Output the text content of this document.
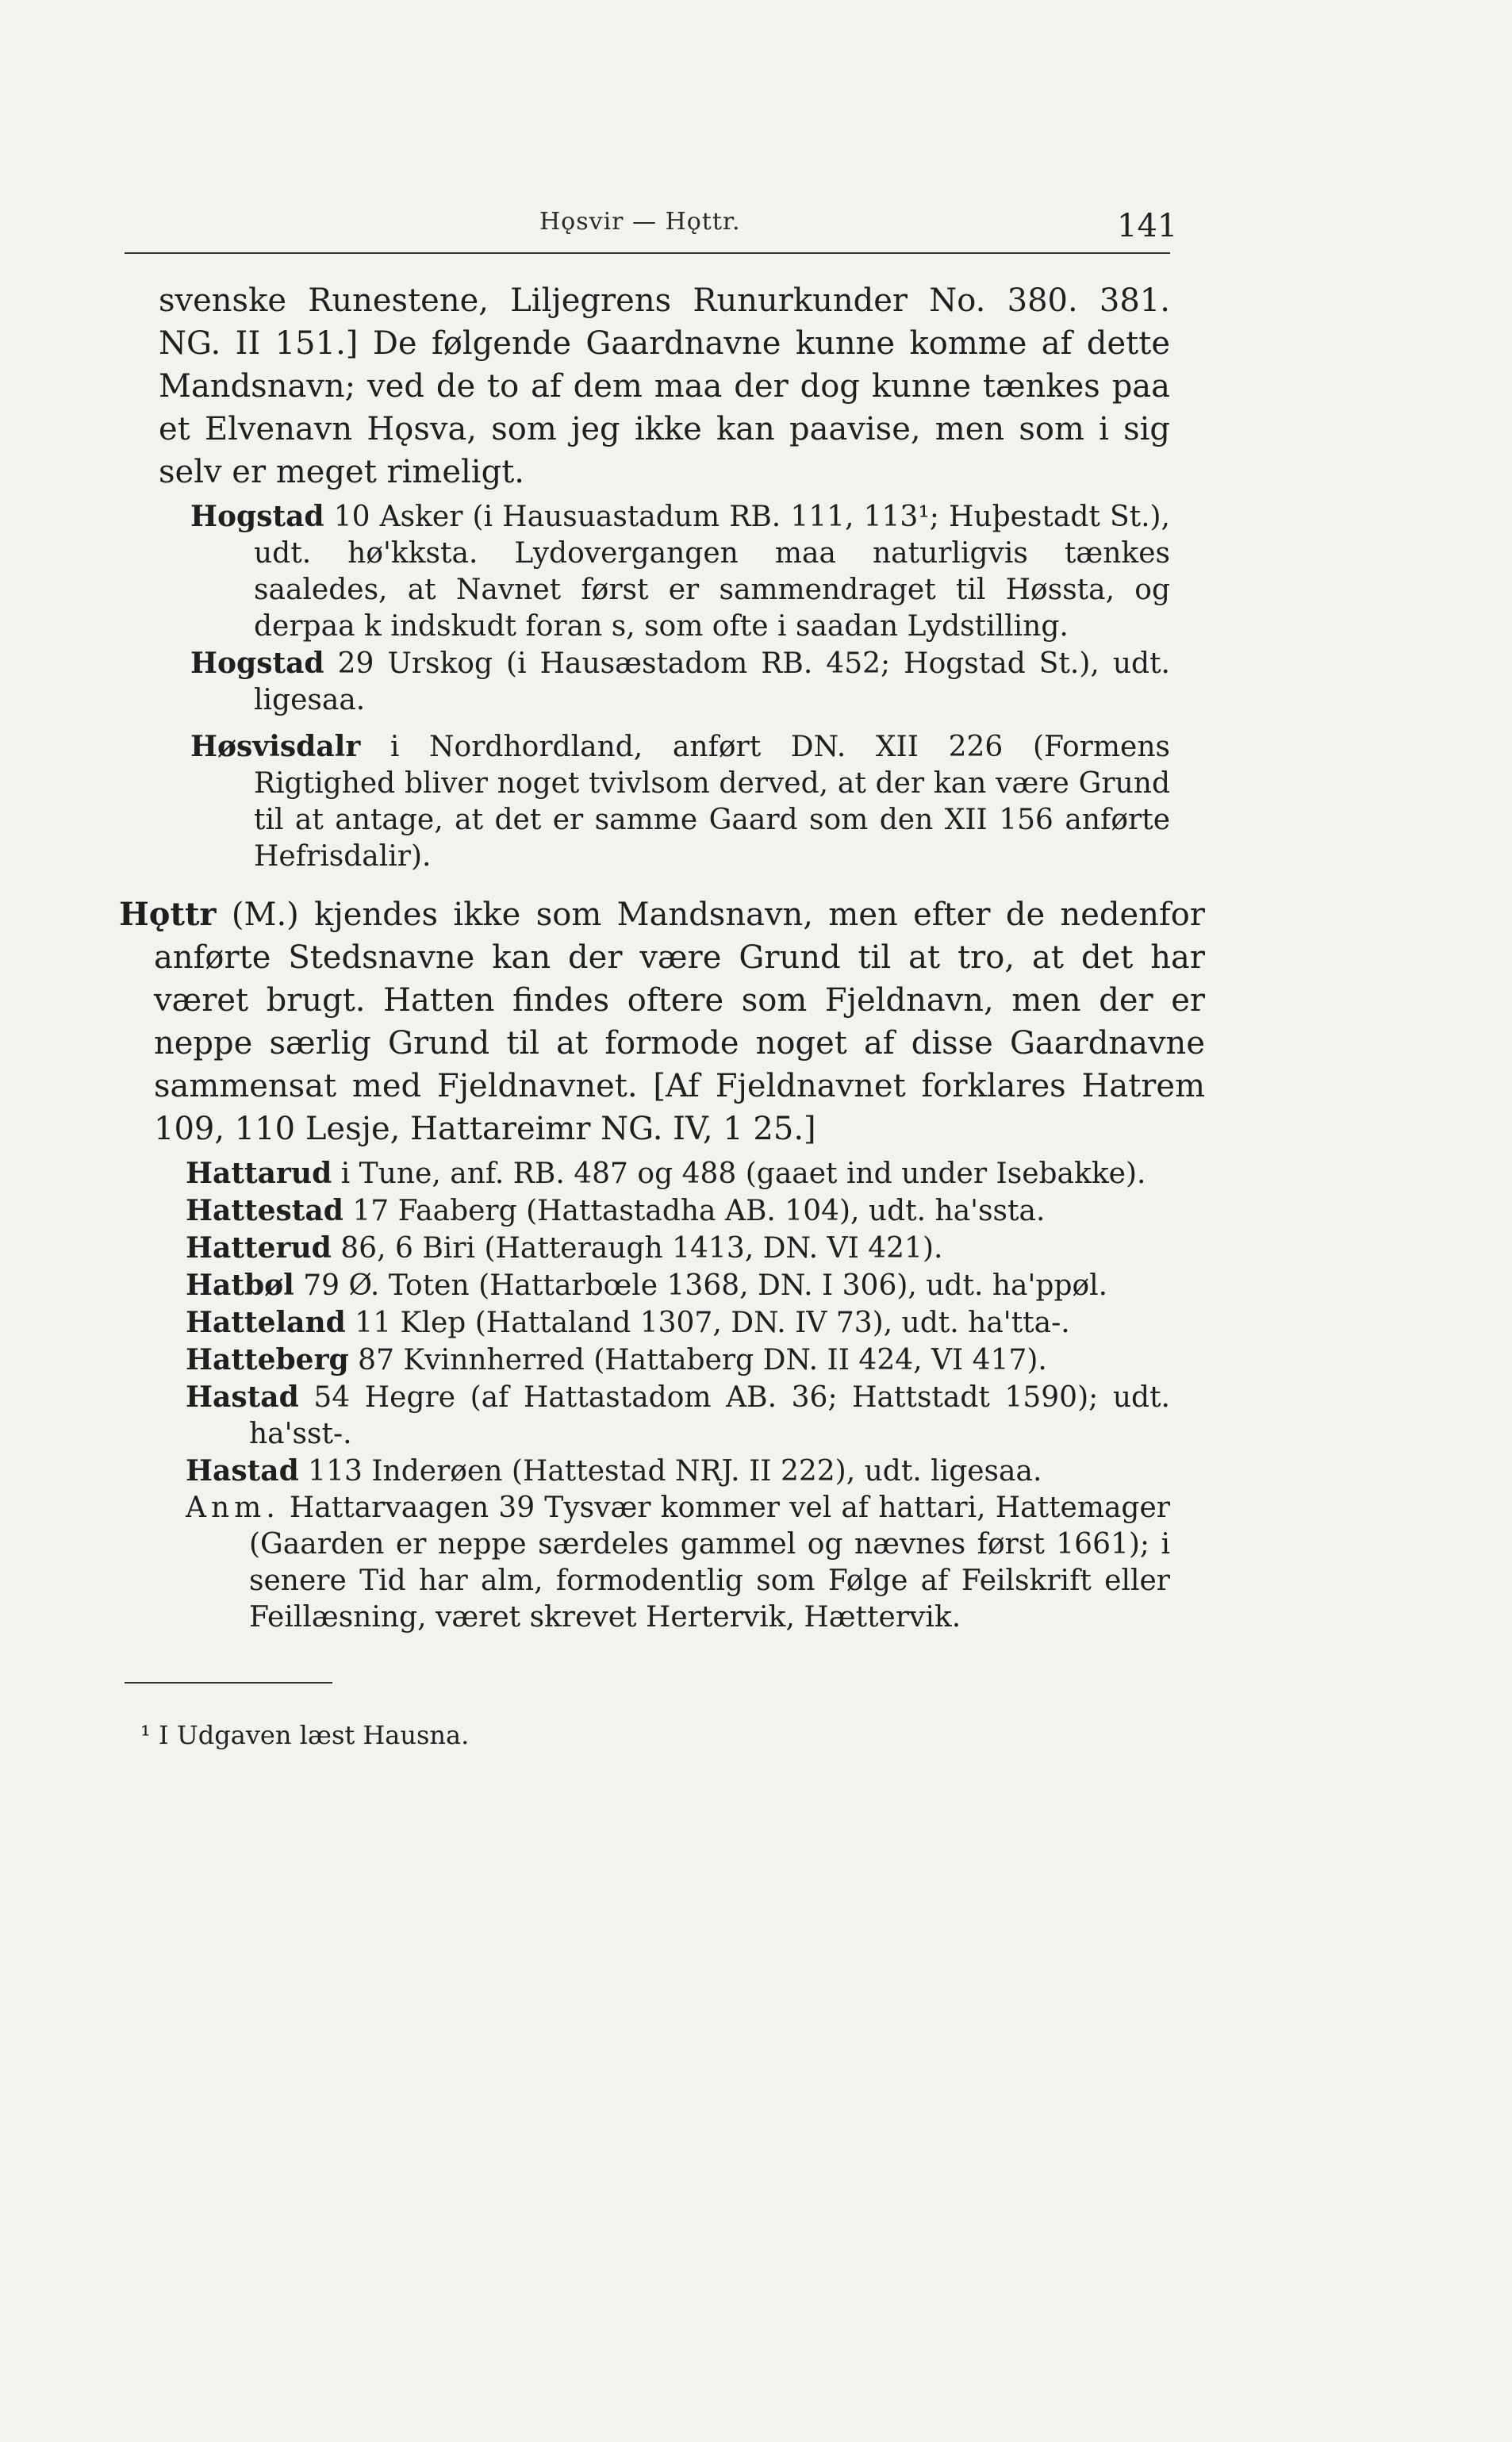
Hǫsvir — Hǫttr.	141

svenske Runestene, Liljegrens Runurkunder No. 380. 381. NG. II 151.] De følgende Gaardnavne kunne komme af dette Mandsnavn; ved de to af dem maa der dog kunne tænkes paa et Elvenavn Hǫsva, som jeg ikke kan paavise, men som i sig selv er meget rimeligt.

Hogstad 10 Asker (i Hausuastadum RB. 111, 113¹; Huþestadt St.), udt. hø'kksta. Lydovergangen maa naturligvis tænkes saaledes, at Navnet først er sammendraget til Høssta, og derpaa k indskudt foran s, som ofte i saadan Lydstilling.

Hogstad 29 Urskog (i Hausæstadom RB. 452; Hogstad St.), udt. ligesaa.

Høsvisdalr i Nordhordland, anført DN. XII 226 (Formens Rigtighed bliver noget tvivlsom derved, at der kan være Grund til at antage, at det er samme Gaard som den XII 156 anførte Hefrisdalir).

Hǫttr (M.) kjendes ikke som Mandsnavn, men efter de nedenfor anførte Stedsnavne kan der være Grund til at tro, at det har været brugt. Hatten findes oftere som Fjeldnavn, men der er neppe særlig Grund til at formode noget af disse Gaardnavne sammensat med Fjeldnavnet. [Af Fjeldnavnet forklares Hatrem 109, 110 Lesje, Hattareimr NG. IV, 1 25.]

Hattarud i Tune, anf. RB. 487 og 488 (gaaet ind under Isebakke).

Hattestad 17 Faaberg (Hattastadha AB. 104), udt. ha'ssta.

Hatterud 86, 6 Biri (Hatteraugh 1413, DN. VI 421).

Hatbøl 79 Ø. Toten (Hattarbœle 1368, DN. I 306), udt. ha'ppøl.

Hatteland 11 Klep (Hattaland 1307, DN. IV 73), udt. ha'tta-.

Hatteberg 87 Kvinnherred (Hattaberg DN. II 424, VI 417).

Hastad 54 Hegre (af Hattastadom AB. 36; Hattstadt 1590); udt. ha'sst-.

Hastad 113 Inderøen (Hattestad NRJ. II 222), udt. ligesaa.

Anm. Hattarvaagen 39 Tysvær kommer vel af hattari, Hattemager (Gaarden er neppe særdeles gammel og nævnes først 1661); i senere Tid har alm, formodentlig som Følge af Feilskrift eller Feillæsning, været skrevet Hertervik, Hættervik.

¹ I Udgaven læst Hausna.
